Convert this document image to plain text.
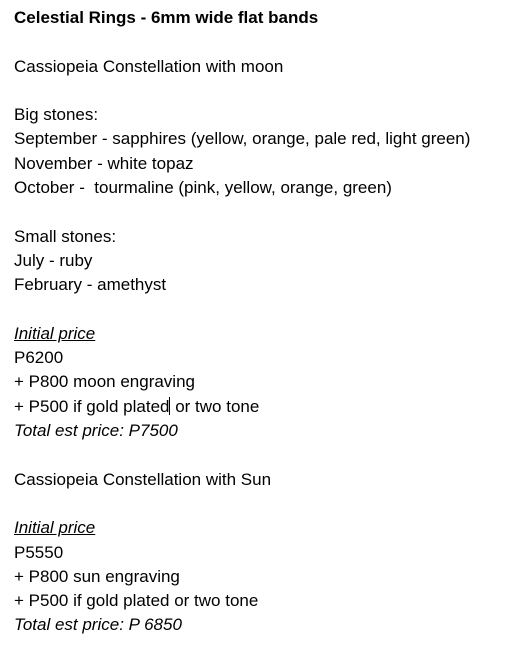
Celestial Rings - 6mm wide flat bands
Cassiopeia Constellation with moon
Big stones:
September - sapphires (yellow, orange, pale red, light green)
November - white topaz
October -  tourmaline (pink, yellow, orange, green)
Small stones:
July - ruby
February - amethyst
Initial price
P6200
+ P800 moon engraving
+ P500 if gold plated or two tone
Total est price: P7500
Cassiopeia Constellation with Sun
Initial price
P5550
+ P800 sun engraving
+ P500 if gold plated or two tone
Total est price: P 6850
